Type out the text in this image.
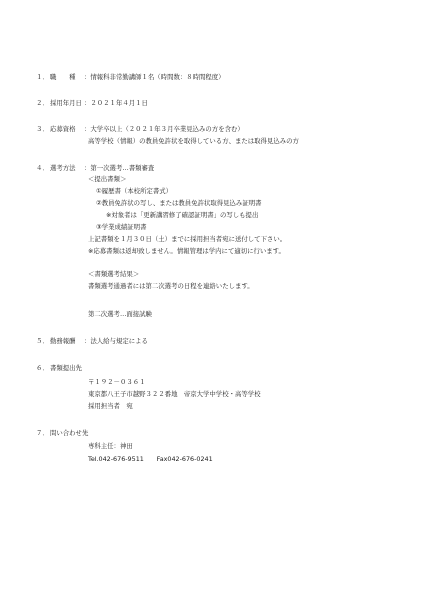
１． 職　　種 ：情報科非常勤講師１名（時間数：８時間程度）
２． 採用年月日 ：２０２１年４月１日
３． 応募資格 ：大学卒以上（２０２１年３月卒業見込みの方を含む）
高等学校（情報）の教員免許状を取得している方、または取得見込みの方
４． 選考方法 ：第一次選考…書類審査
＜提出書類＞
①履歴書（本校所定書式）
②教員免許状の写し、または教員免許状取得見込み証明書
※対象者は「更新講習修了確認証明書」の写しも提出
③学業成績証明書
上記書類を１月３０日（土）までに採用担当者宛に送付して下さい。
※応募書類は返却致しません。情報管理は学内にて適切に行います。
＜書類選考結果＞
書類選考通過者には第二次選考の日程を連絡いたします。
第二次選考…面接試験
５． 勤務報酬 ：法人給与規定による
６． 書類提出先
〒１９２－０３６１
東京都八王子市越野３２２番地　帝京大学中学校・高等学校
採用担当者　宛
７． 問い合わせ先
専科主任：神田
Tel.042-676-9511　　Fax042-676-0241
